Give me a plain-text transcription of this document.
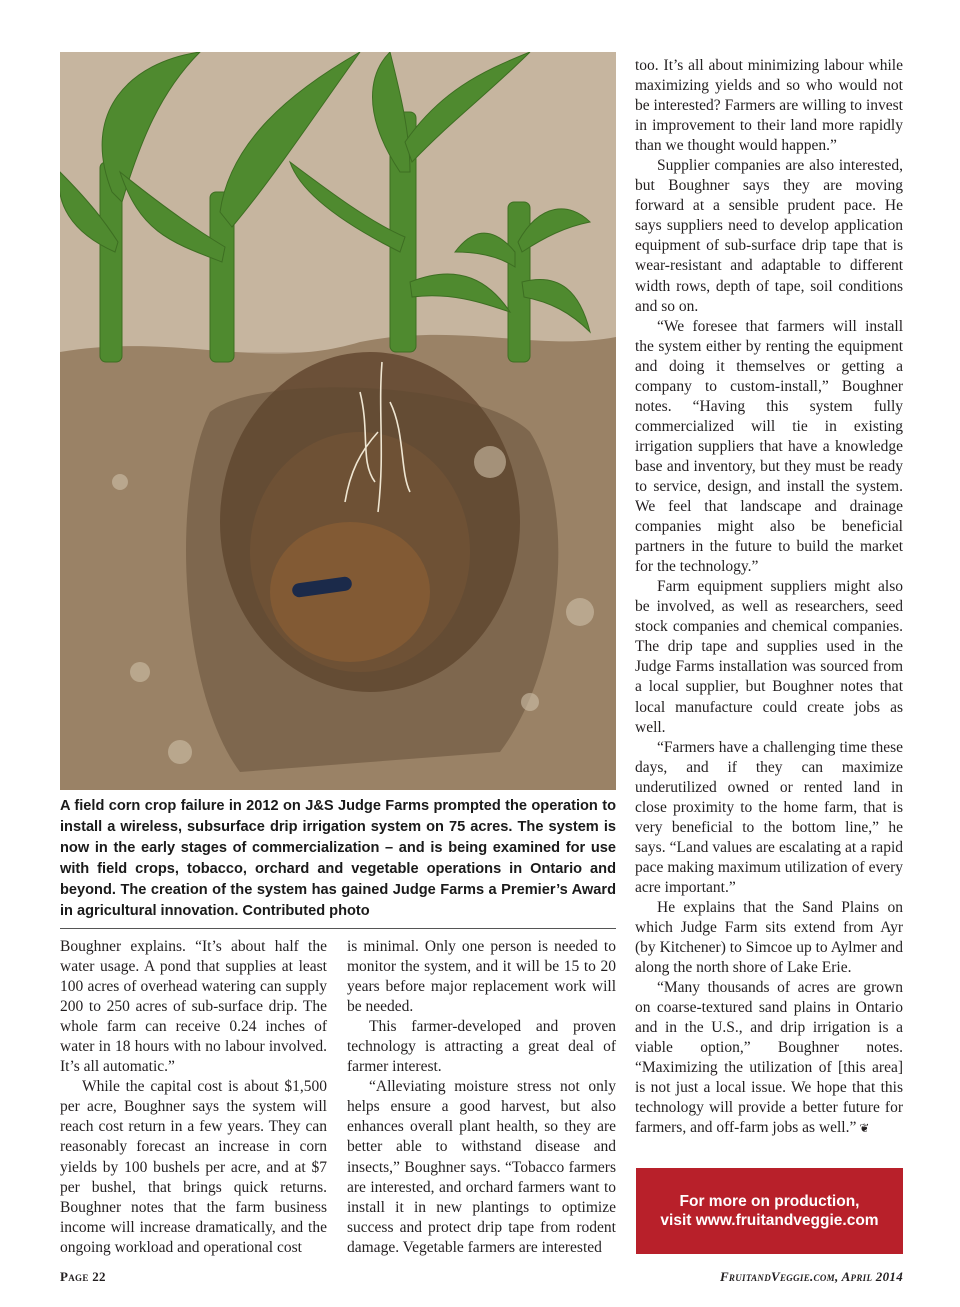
A field corn crop failure in 2012 on J&S Judge Farms prompted the operation to install a wireless, subsurface drip irrigation system on 75 acres. The system is now in the early stages of commercialization – and is being examined for use with field crops, tobacco, orchard and vegetable operations in Ontario and beyond. The creation of the system has gained Judge Farms a Premier’s Award in agricultural innovation. Contributed photo

Boughner explains. “It’s about half the water usage. A pond that supplies at least 100 acres of overhead watering can supply 200 to 250 acres of sub-surface drip. The whole farm can receive 0.24 inches of water in 18 hours with no labour involved. It’s all automatic.”

While the capital cost is about $1,500 per acre, Boughner says the system will reach cost return in a few years. They can reasonably forecast an increase in corn yields by 100 bushels per acre, and at $7 per bushel, that brings quick returns. Boughner notes that the farm business income will increase dramatically, and the ongoing workload and operational cost

is minimal. Only one person is needed to monitor the system, and it will be 15 to 20 years before major replacement work will be needed.

This farmer-developed and proven technology is attracting a great deal of farmer interest.

“Alleviating moisture stress not only helps ensure a good harvest, but also enhances overall plant health, so they are better able to withstand disease and insects,” Boughner says. “Tobacco farmers are interested, and orchard farmers want to install it in new plantings to optimize success and protect drip tape from rodent damage. Vegetable farmers are interested

too. It’s all about minimizing labour while maximizing yields and so who would not be interested? Farmers are willing to invest in improvement to their land more rapidly than we thought would happen.”

Supplier companies are also interested, but Boughner says they are moving forward at a sensible prudent pace. He says suppliers need to develop application equipment of sub-surface drip tape that is wear-resistant and adaptable to different width rows, depth of tape, soil conditions and so on.

“We foresee that farmers will install the system either by renting the equipment and doing it themselves or getting a company to custom-install,” Boughner notes. “Having this system fully commercialized will tie in existing irrigation suppliers that have a knowledge base and inventory, but they must be ready to service, design, and install the system. We feel that landscape and drainage companies might also be beneficial partners in the future to build the market for the technology.”

Farm equipment suppliers might also be involved, as well as researchers, seed stock companies and chemical companies. The drip tape and supplies used in the Judge Farms installation was sourced from a local supplier, but Boughner notes that local manufacture could create jobs as well.

“Farmers have a challenging time these days, and if they can maximize underutilized owned or rented land in close proximity to the home farm, that is very beneficial to the bottom line,” he says. “Land values are escalating at a rapid pace making maximum utilization of every acre important.”

He explains that the Sand Plains on which Judge Farm sits extend from Ayr (by Kitchener) to Simcoe up to Aylmer and along the north shore of Lake Erie.

“Many thousands of acres are grown on coarse-textured sand plains in Ontario and in the U.S., and drip irrigation is a viable option,” Boughner notes. “Maximizing the utilization of [this area] is not just a local issue. We hope that this technology will provide a better future for farmers, and off-farm jobs as well.” ❦

For more on production,
visit www.fruitandveggie.com
Page 22	FruitandVeggie.com, April 2014
